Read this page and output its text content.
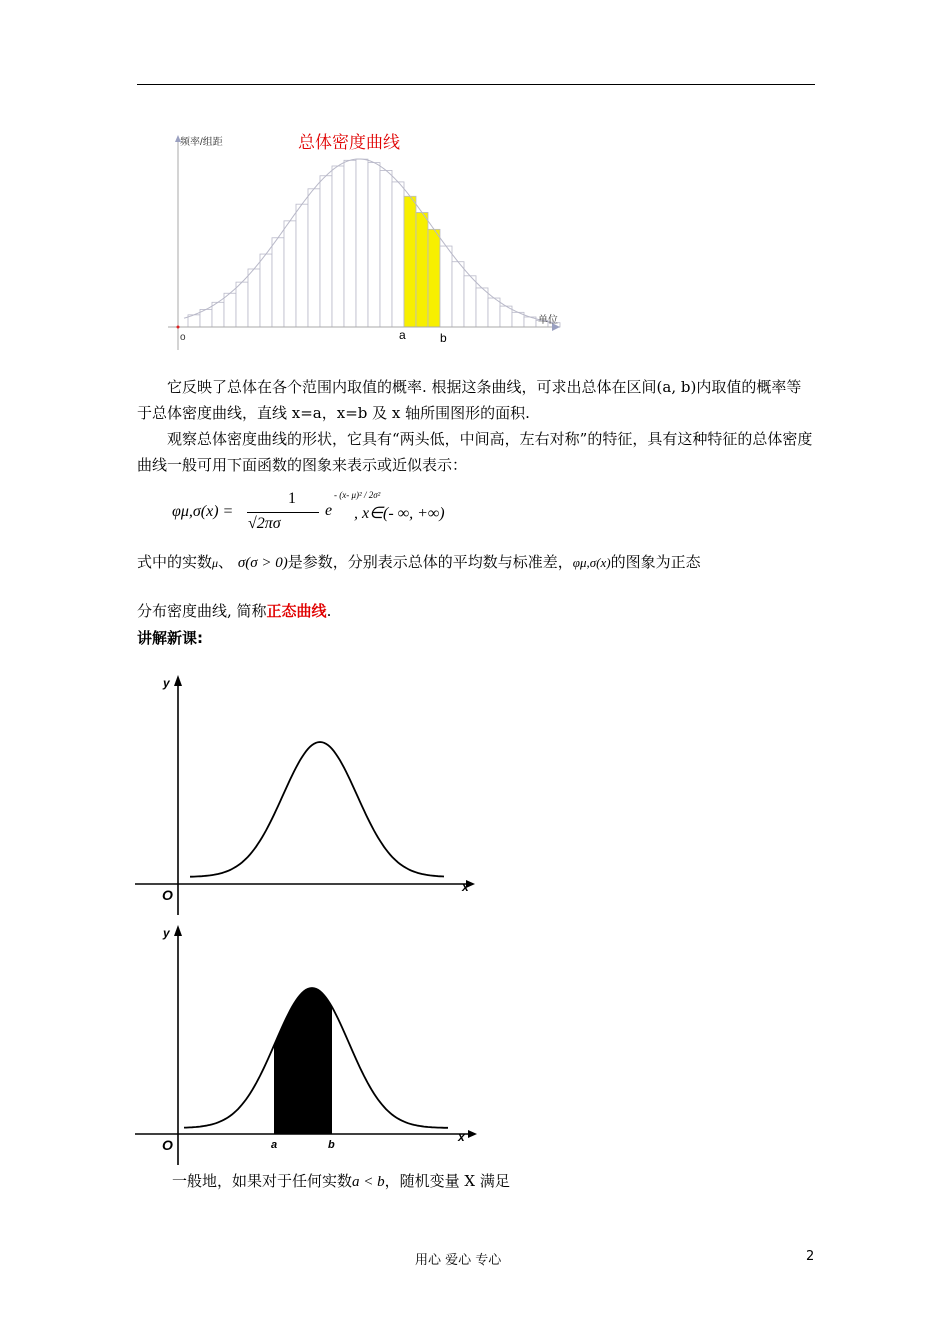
频率/组距	总体密度曲线
单位
o	a	b
它反映了总体在各个范围内取值的概率. 根据这条曲线，可求出总体在区间(a, b)内取值的概率等于总体密度曲线，直线 x=a，x=b 及 x 轴所围图形的面积.
观察总体密度曲线的形状，它具有“两头低，中间高，左右对称”的特征，具有这种特征的总体密度曲线一般可用下面函数的图象来表示或近似表示：
φμ,σ(x) =
1
√2πσ
e
- (x- μ)² / 2σ²
, x∈(- ∞, +∞)
式中的实数μ、 σ(σ > 0)是参数，分别表示总体的平均数与标准差，φμ,σ(x)的图象为正态
分布密度曲线, 简称正态曲线.
讲解新课:
y
x
O
y
x
O	a	b
一般地，如果对于任何实数a < b，随机变量 X 满足
用心 爱心 专心	2
